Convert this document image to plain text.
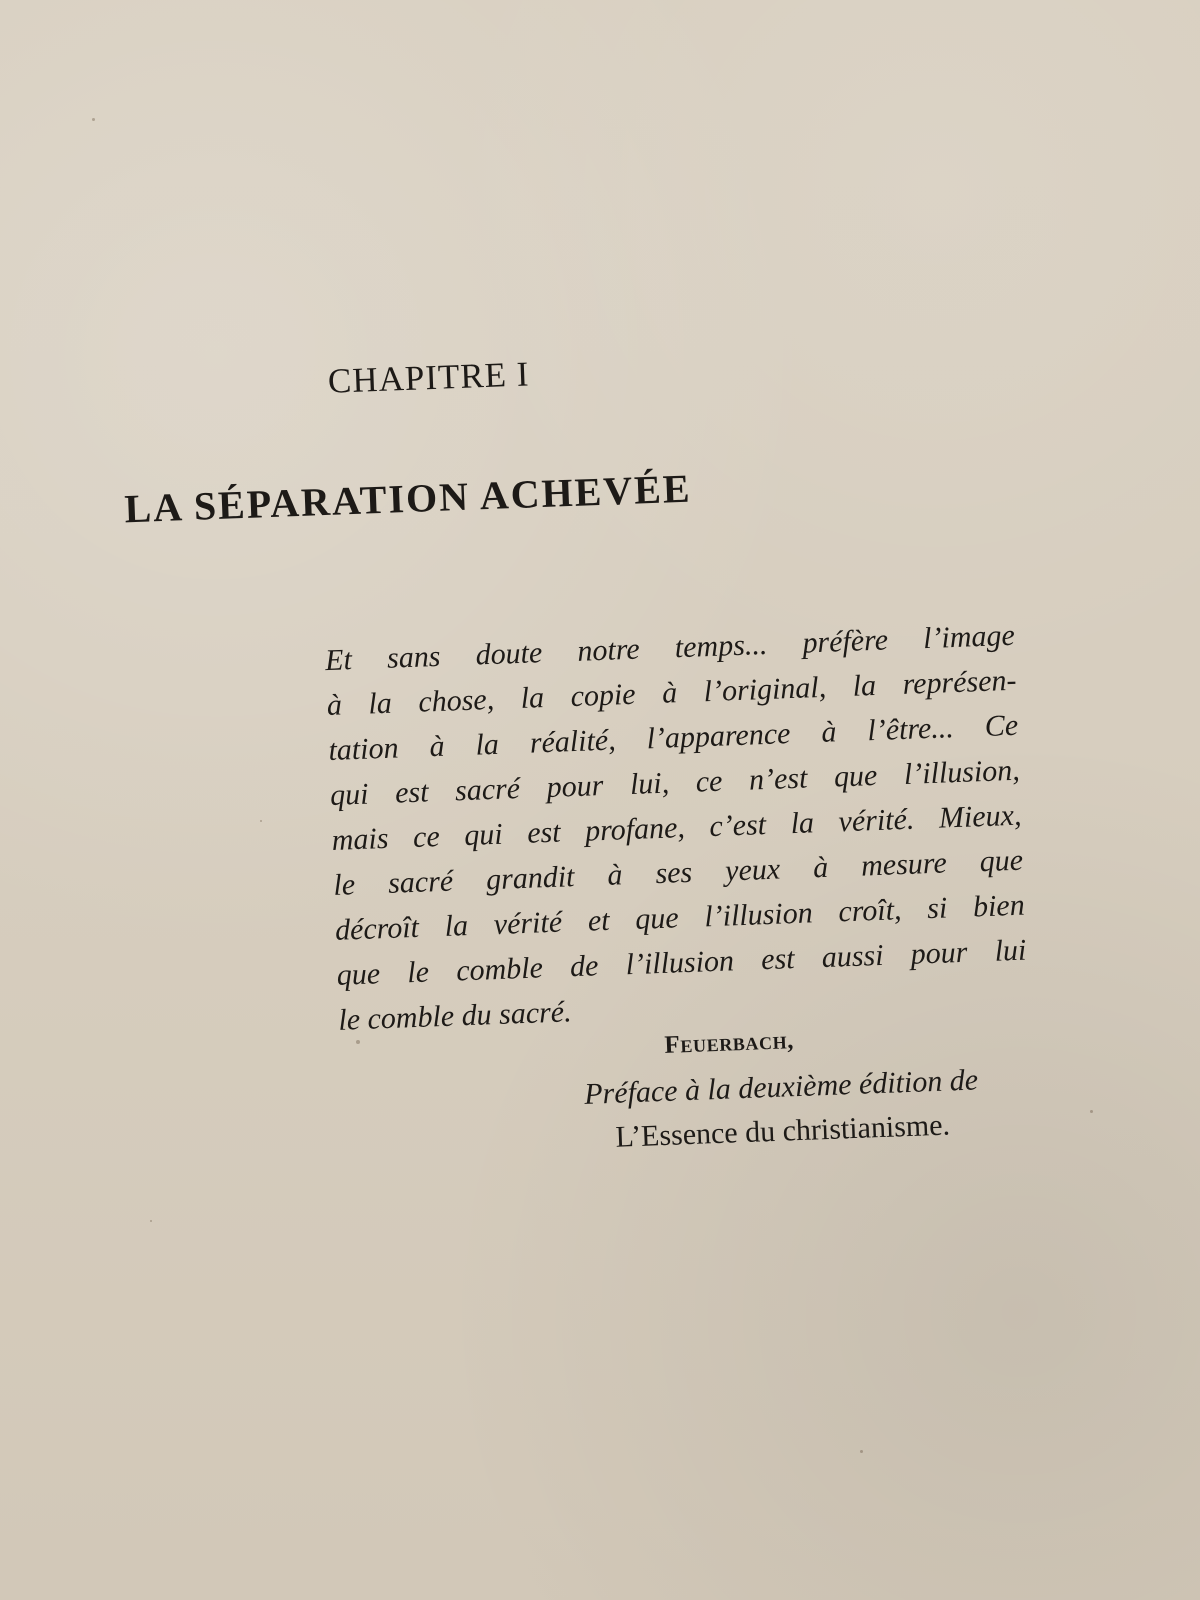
CHAPITRE I
LA SÉPARATION ACHEVÉE
Et sans doute notre temps... préfère l’image
à la chose, la copie à l’original, la représen-
tation à la réalité, l’apparence à l’être... Ce
qui est sacré pour lui, ce n’est que l’illusion,
mais ce qui est profane, c’est la vérité. Mieux,
le sacré grandit à ses yeux à mesure que
décroît la vérité et que l’illusion croît, si bien
que le comble de l’illusion est aussi pour lui
le comble du sacré.
Feuerbach,
Préface à la deuxième édition de
L’Essence du christianisme.
